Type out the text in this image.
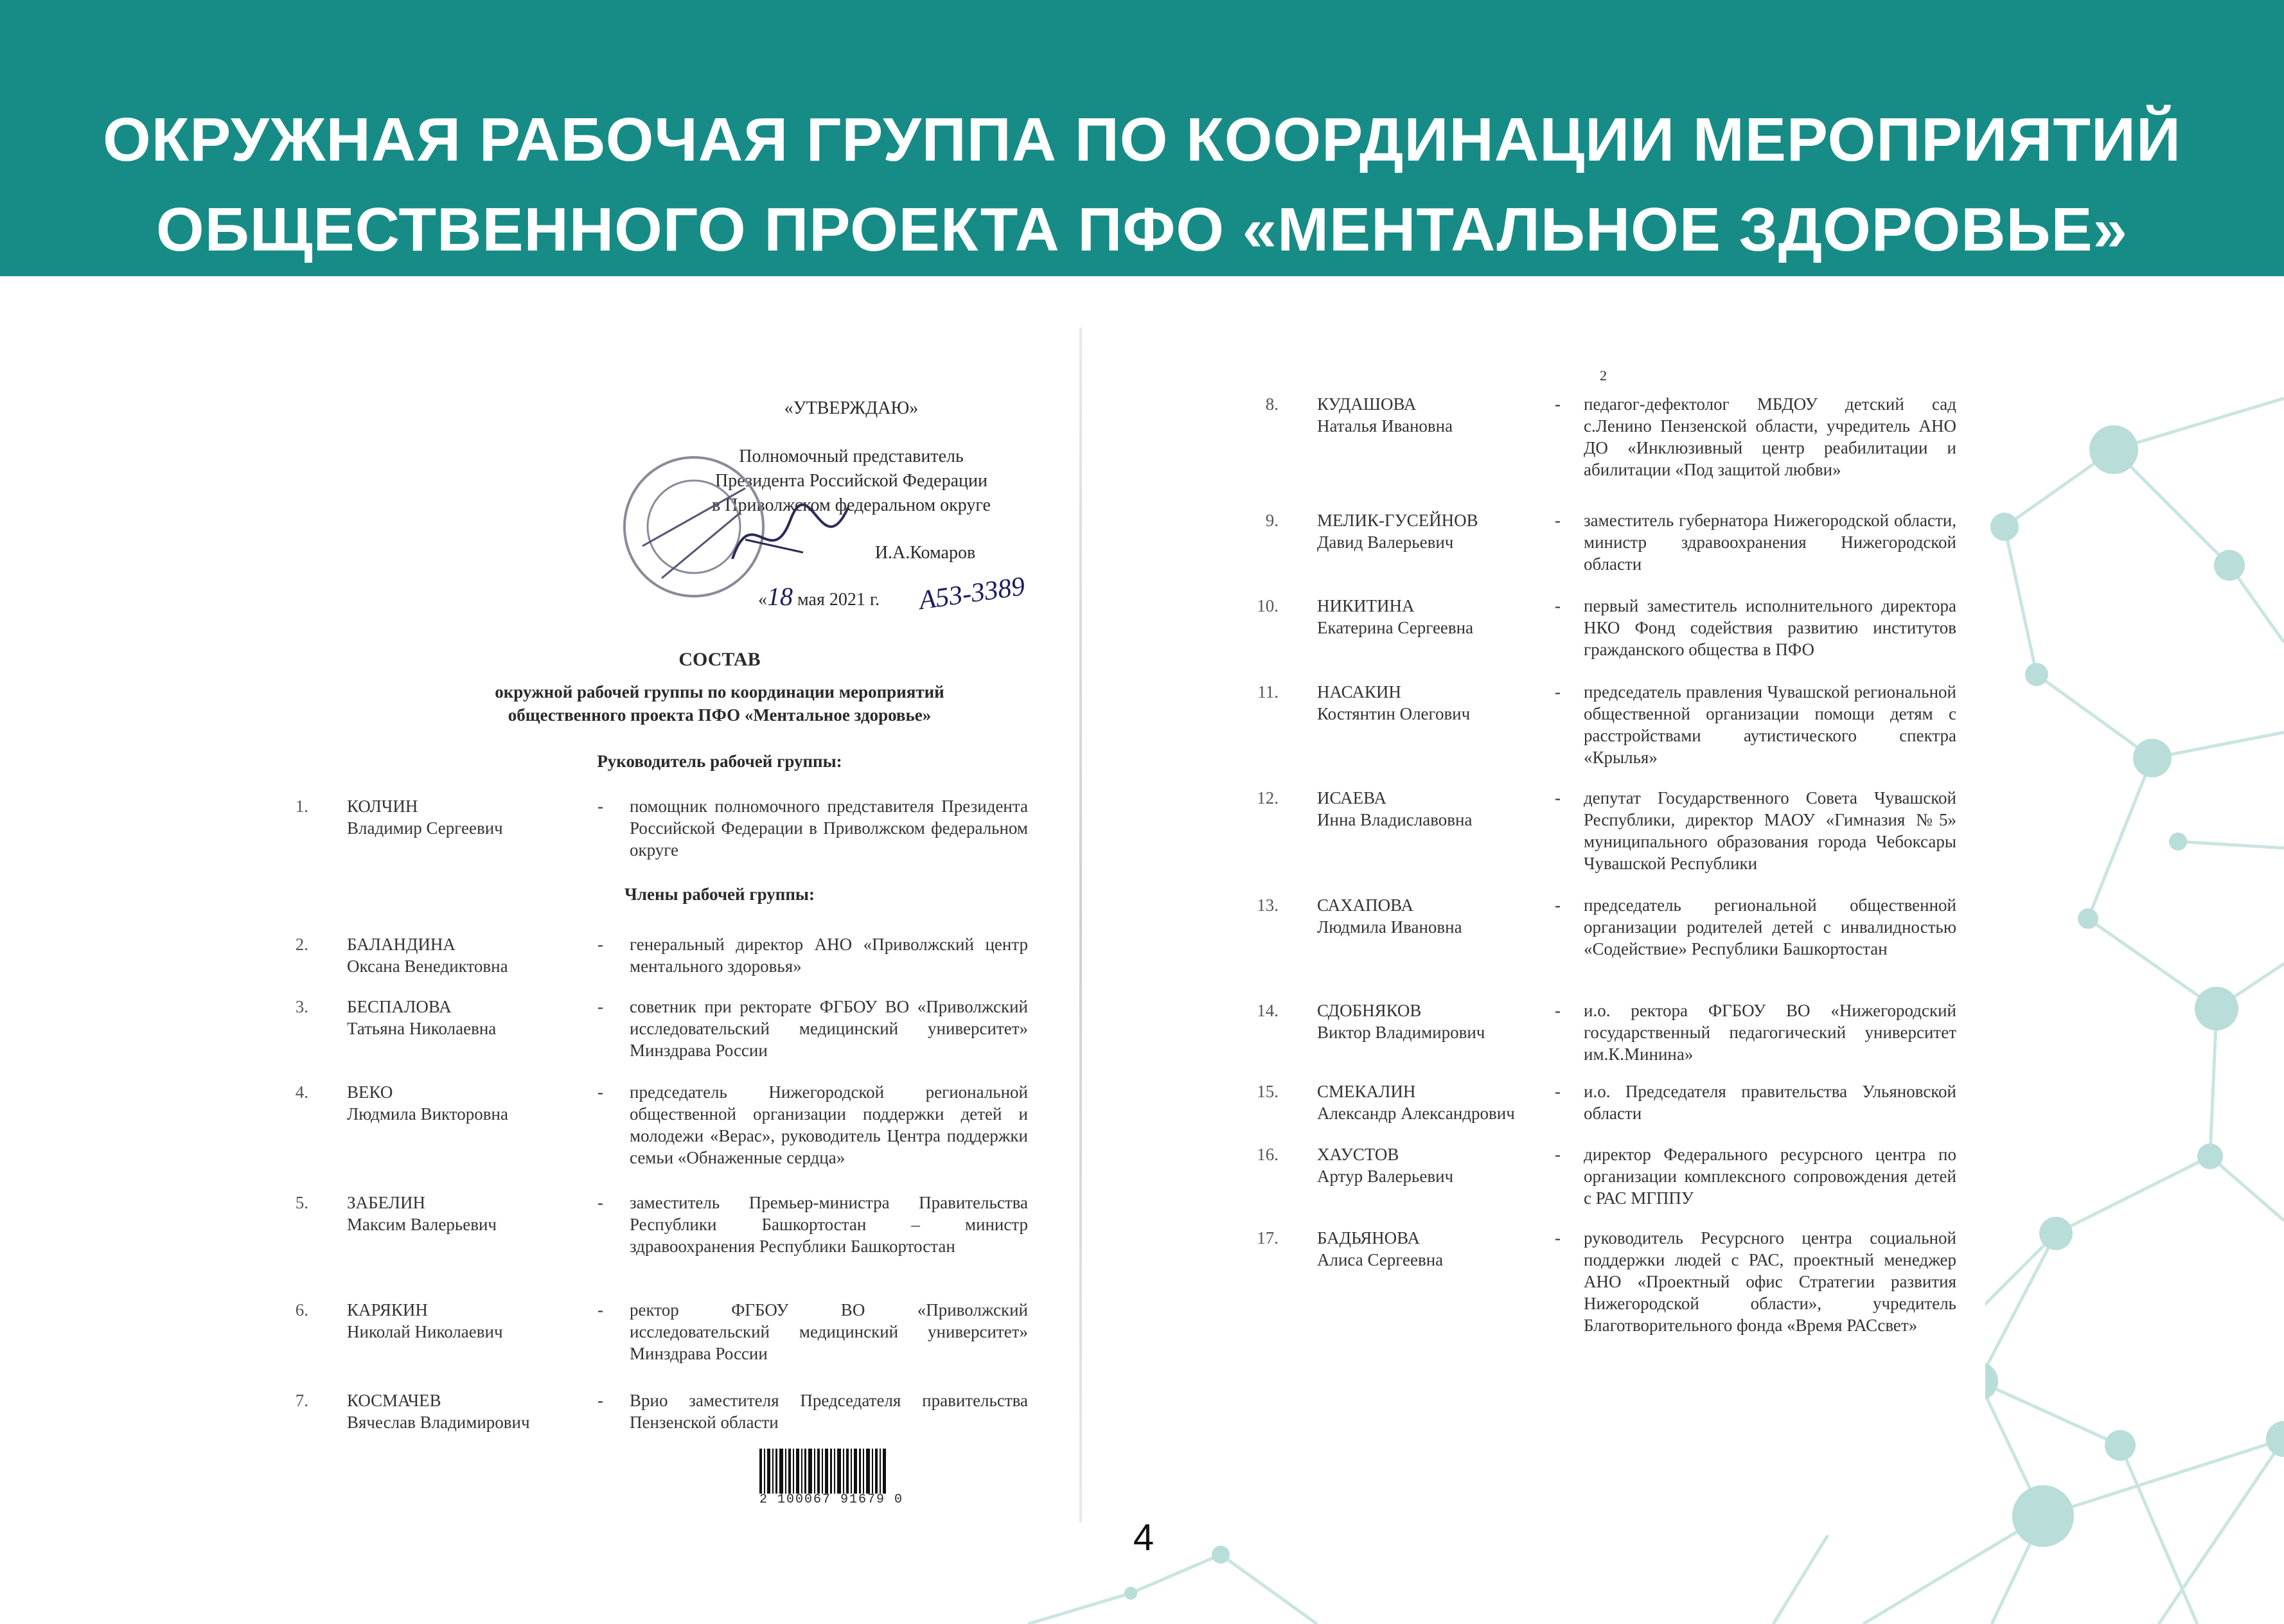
ОКРУЖНАЯ РАБОЧАЯ ГРУППА ПО КООРДИНАЦИИ МЕРОПРИЯТИЙ
ОБЩЕСТВЕННОГО ПРОЕКТА ПФО «МЕНТАЛЬНОЕ ЗДОРОВЬЕ»
«УТВЕРЖДАЮ»
Полномочный представитель
Президента Российской Федерации
в Приволжском федеральном округе
И.А.Комаров
«18 мая 2021 г. А53-3389
СОСТАВ
окружной рабочей группы по координации мероприятий
общественного проекта ПФО «Ментальное здоровье»
Руководитель рабочей группы:
Члены рабочей группы:
1. КОЛЧИН
Владимир Сергеевич
-	помощник полномочного представителя Президента Российской Федерации в Приволжском федеральном округе
2. БАЛАНДИНА
Оксана Венедиктовна
-	генеральный директор АНО «Приволжский центр ментального здоровья»
3. БЕСПАЛОВА
Татьяна Николаевна
-	советник при ректорате ФГБОУ ВО «Приволжский исследовательский медицинский университет» Минздрава России
4. ВЕКО
Людмила Викторовна
-	председатель Нижегородской региональной общественной организации поддержки детей и молодежи «Верас», руководитель Центра поддержки семьи «Обнаженные сердца»
5. ЗАБЕЛИН
Максим Валерьевич
-	заместитель Премьер-министра Правительства Республики Башкортостан – министр здравоохранения Республики Башкортостан
6. КАРЯКИН
Николай Николаевич
-	ректор ФГБОУ ВО «Приволжский исследовательский медицинский университет» Минздрава России
7. КОСМАЧЕВ
Вячеслав Владимирович
-	Врио заместителя Председателя правительства Пензенской области
2
8. КУДАШОВА
Наталья Ивановна
-	педагог-дефектолог МБДОУ детский сад с.Ленино Пензенской области, учредитель АНО ДО «Инклюзивный центр реабилитации и абилитации «Под защитой любви»
9. МЕЛИК-ГУСЕЙНОВ
Давид Валерьевич
-	заместитель губернатора Нижегородской области, министр здравоохранения Нижегородской области
10. НИКИТИНА
Екатерина Сергеевна
-	первый заместитель исполнительного директора НКО Фонд содействия развитию институтов гражданского общества в ПФО
11. НАСАКИН
Костянтин Олегович
-	председатель правления Чувашской региональной общественной организации помощи детям с расстройствами аутистического спектра «Крылья»
12. ИСАЕВА
Инна Владиславовна
-	депутат Государственного Совета Чувашской Республики, директор МАОУ «Гимназия №5» муниципального образования города Чебоксары Чувашской Республики
13. САХАПОВА
Людмила Ивановна
-	председатель региональной общественной организации родителей детей с инвалидностью «Содействие» Республики Башкортостан
14. СДОБНЯКОВ
Виктор Владимирович
-	и.о. ректора ФГБОУ ВО «Нижегородский государственный педагогический университет им.К.Минина»
15. СМЕКАЛИН
Александр Александрович
-	и.о. Председателя правительства Ульяновской области
16. ХАУСТОВ
Артур Валерьевич
-	директор Федерального ресурсного центра по организации комплексного сопровождения детей с РАС МГППУ
17. БАДЬЯНОВА
Алиса Сергеевна
-	руководитель Ресурсного центра социальной поддержки людей с РАС, проектный менеджер АНО «Проектный офис Стратегии развития Нижегородской области», учредитель Благотворительного фонда «Время РАСсвет»
2 100067 91679 0
4
